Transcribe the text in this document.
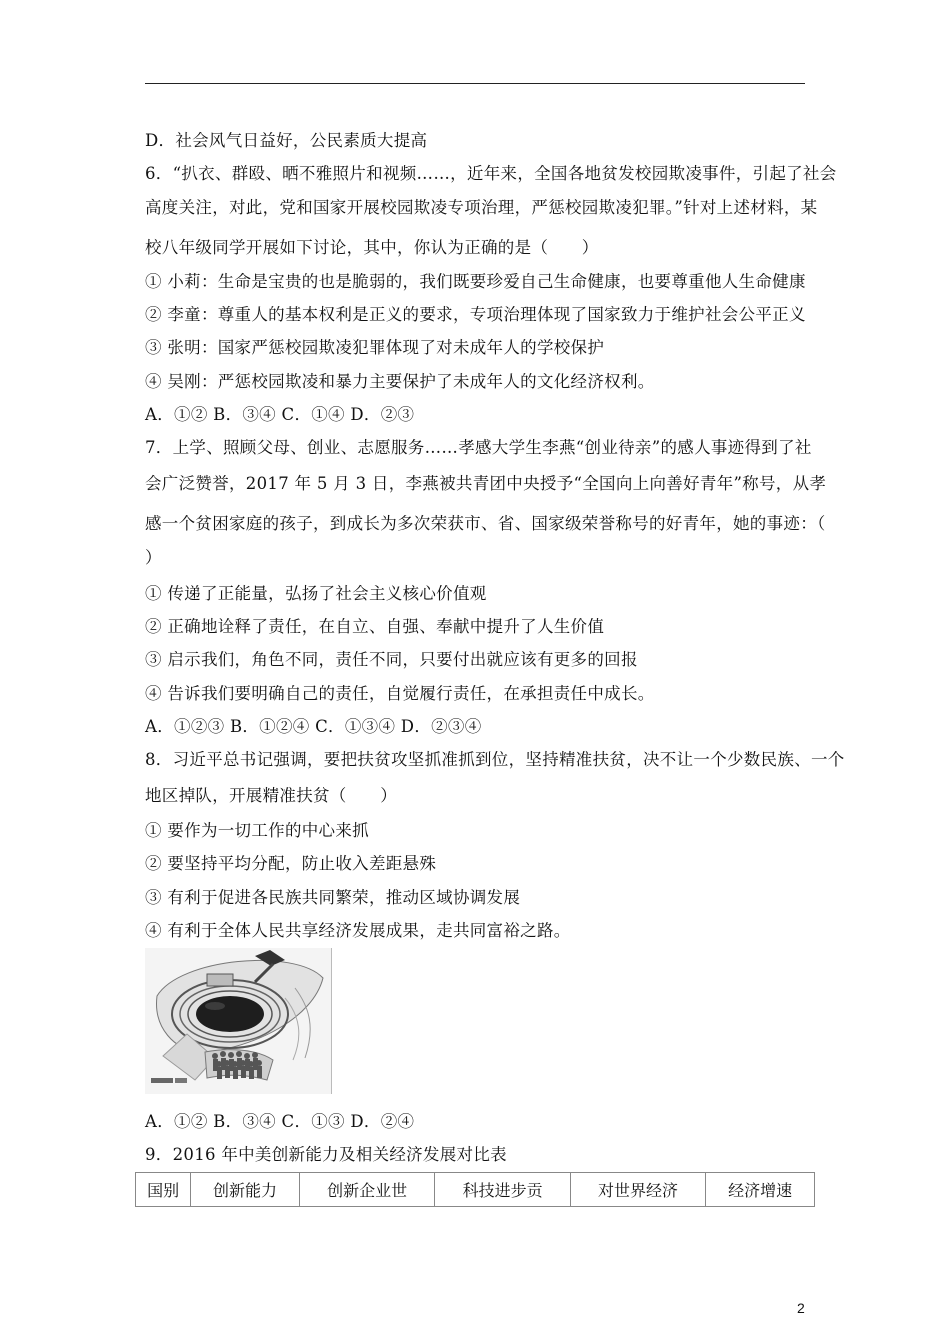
D．社会风气日益好，公民素质大提高
6．“扒衣、群殴、晒不雅照片和视频……，近年来，全国各地贫发校园欺凌事件，引起了社会
高度关注，对此，党和国家开展校园欺凌专项治理，严惩校园欺凌犯罪。”针对上述材料，某
校八年级同学开展如下讨论，其中，你认为正确的是（　　）
① 小莉：生命是宝贵的也是脆弱的，我们既要珍爱自己生命健康，也要尊重他人生命健康
② 李童：尊重人的基本权利是正义的要求，专项治理体现了国家致力于维护社会公平正义
③ 张明：国家严惩校园欺凌犯罪体现了对未成年人的学校保护
④ 吴刚：严惩校园欺凌和暴力主要保护了未成年人的文化经济权利。
A．①② B．③④ C．①④ D．②③
7．上学、照顾父母、创业、志愿服务……孝感大学生李燕“创业待亲”的感人事迹得到了社
会广泛赞誉，2017 年 5 月 3 日，李燕被共青团中央授予“全国向上向善好青年”称号，从孝
感一个贫困家庭的孩子，到成长为多次荣获市、省、国家级荣誉称号的好青年，她的事迹：（
）
① 传递了正能量，弘扬了社会主义核心价值观
② 正确地诠释了责任，在自立、自强、奉献中提升了人生价值
③ 启示我们，角色不同，责任不同，只要付出就应该有更多的回报
④ 告诉我们要明确自己的责任，自觉履行责任，在承担责任中成长。
A．①②③ B．①②④ C．①③④ D．②③④
8．习近平总书记强调，要把扶贫攻坚抓准抓到位，坚持精准扶贫，决不让一个少数民族、一个
地区掉队，开展精准扶贫（　　）
① 要作为一切工作的中心来抓
② 要坚持平均分配，防止收入差距悬殊
③ 有利于促进各民族共同繁荣，推动区域协调发展
④ 有利于全体人民共享经济发展成果，走共同富裕之路。
A．①② B．③④ C．①③ D．②④
9．2016 年中美创新能力及相关经济发展对比表
国别	创新能力	创新企业世	科技进步贡	对世界经济	经济增速
2
